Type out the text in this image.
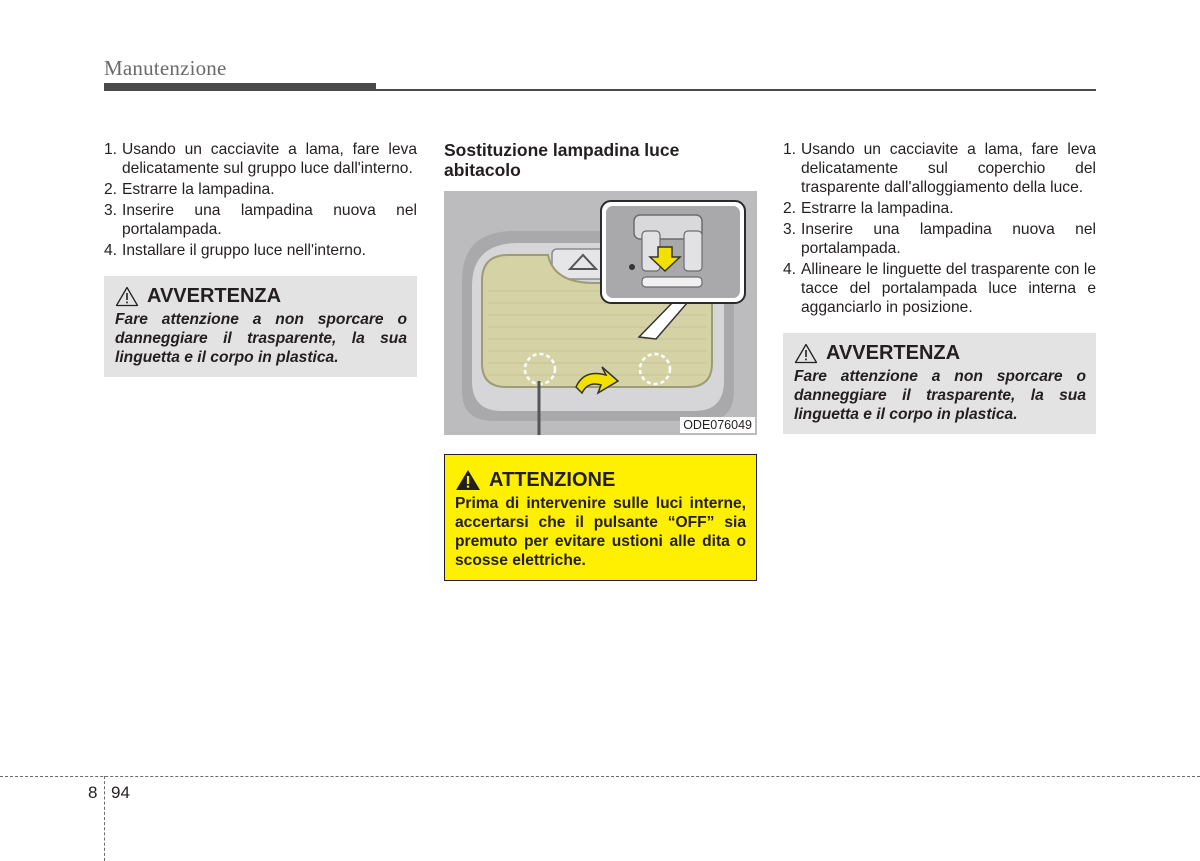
Manutenzione
1. Usando un cacciavite a lama, fare leva delicatamente sul gruppo luce dall'interno.
2. Estrarre la lampadina.
3. Inserire una lampadina nuova nel portalampada.
4. Installare il gruppo luce nell'interno.
AVVERTENZA
Fare attenzione a non sporcare o danneggiare il trasparente, la sua linguetta e il corpo in plastica.
Sostituzione lampadina luce abitacolo
ODE076049
ATTENZIONE
Prima di intervenire sulle luci interne, accertarsi che il pulsante “OFF” sia premuto per evitare ustioni alle dita o scosse elettriche.
1. Usando un cacciavite a lama, fare leva delicatamente sul coperchio del trasparente dall'alloggiamento della luce.
2. Estrarre la lampadina.
3. Inserire una lampadina nuova nel portalampada.
4. Allineare le linguette del trasparente con le tacce del portalampada luce interna e agganciarlo in posizione.
AVVERTENZA
Fare attenzione a non sporcare o danneggiare il trasparente, la sua linguetta e il corpo in plastica.
8 94
